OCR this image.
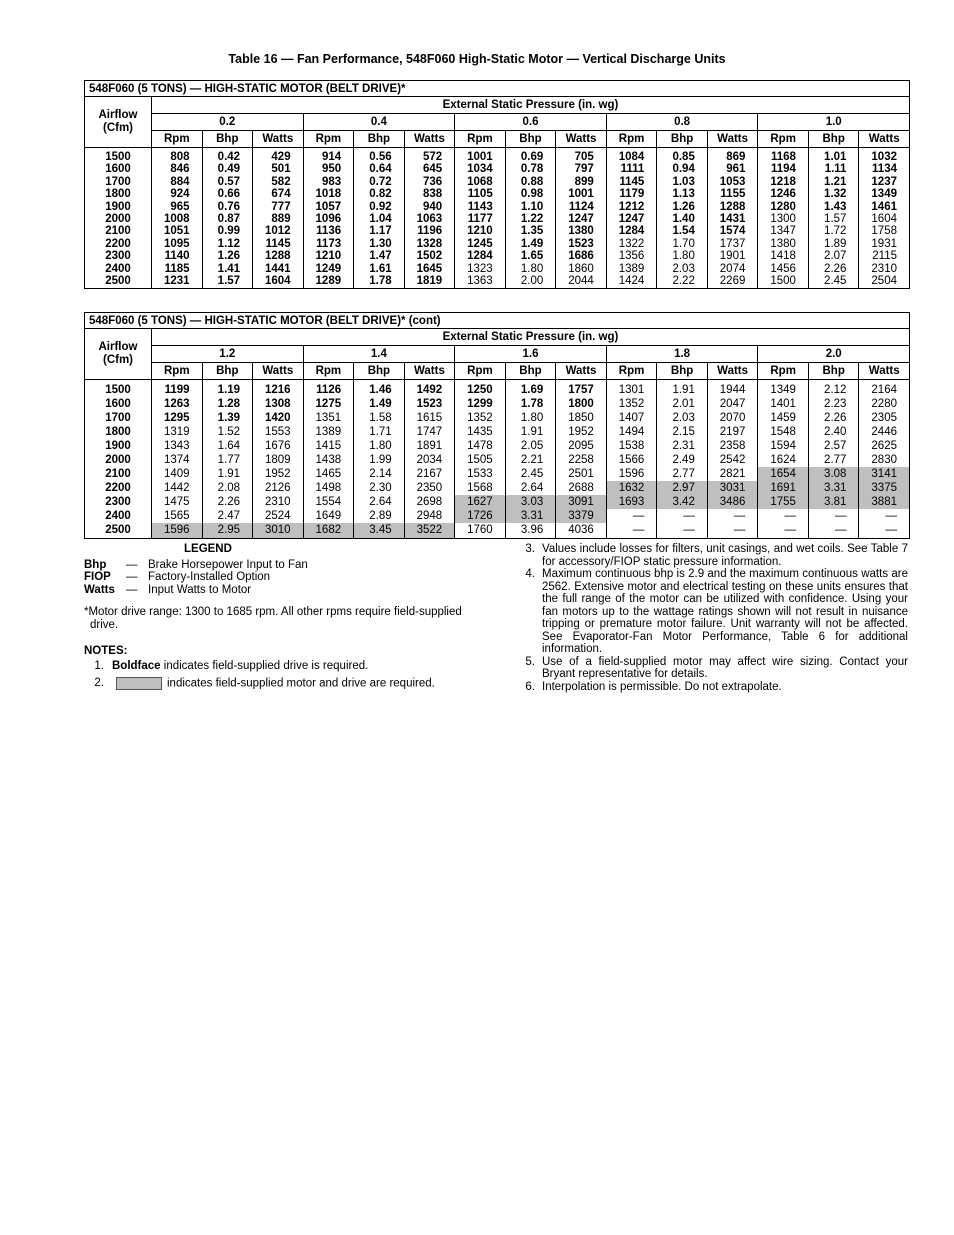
Table 16 — Fan Performance, 548F060 High-Static Motor — Vertical Discharge Units
548F060 (5 TONS) — HIGH-STATIC MOTOR (BELT DRIVE)*															
Airflow
(Cfm)	External Static Pressure (in. wg)														
	0.2			0.4			0.6			0.8			1.0		
	Rpm	Bhp	Watts	Rpm	Bhp	Watts	Rpm	Bhp	Watts	Rpm	Bhp	Watts	Rpm	Bhp	Watts
1500	808	0.42	429	914	0.56	572	1001	0.69	705	1084	0.85	869	1168	1.01	1032
1600	846	0.49	501	950	0.64	645	1034	0.78	797	1111	0.94	961	1194	1.11	1134
1700	884	0.57	582	983	0.72	736	1068	0.88	899	1145	1.03	1053	1218	1.21	1237
1800	924	0.66	674	1018	0.82	838	1105	0.98	1001	1179	1.13	1155	1246	1.32	1349
1900	965	0.76	777	1057	0.92	940	1143	1.10	1124	1212	1.26	1288	1280	1.43	1461
2000	1008	0.87	889	1096	1.04	1063	1177	1.22	1247	1247	1.40	1431	1300	1.57	1604
2100	1051	0.99	1012	1136	1.17	1196	1210	1.35	1380	1284	1.54	1574	1347	1.72	1758
2200	1095	1.12	1145	1173	1.30	1328	1245	1.49	1523	1322	1.70	1737	1380	1.89	1931
2300	1140	1.26	1288	1210	1.47	1502	1284	1.65	1686	1356	1.80	1901	1418	2.07	2115
2400	1185	1.41	1441	1249	1.61	1645	1323	1.80	1860	1389	2.03	2074	1456	2.26	2310
2500	1231	1.57	1604	1289	1.78	1819	1363	2.00	2044	1424	2.22	2269	1500	2.45	2504
548F060 (5 TONS) — HIGH-STATIC MOTOR (BELT DRIVE)* (cont)															
Airflow
(Cfm)	External Static Pressure (in. wg)														
	1.2			1.4			1.6			1.8			2.0		
	Rpm	Bhp	Watts	Rpm	Bhp	Watts	Rpm	Bhp	Watts	Rpm	Bhp	Watts	Rpm	Bhp	Watts
1500	1199	1.19	1216	1126	1.46	1492	1250	1.69	1757	1301	1.91	1944	1349	2.12	2164
1600	1263	1.28	1308	1275	1.49	1523	1299	1.78	1800	1352	2.01	2047	1401	2.23	2280
1700	1295	1.39	1420	1351	1.58	1615	1352	1.80	1850	1407	2.03	2070	1459	2.26	2305
1800	1319	1.52	1553	1389	1.71	1747	1435	1.91	1952	1494	2.15	2197	1548	2.40	2446
1900	1343	1.64	1676	1415	1.80	1891	1478	2.05	2095	1538	2.31	2358	1594	2.57	2625
2000	1374	1.77	1809	1438	1.99	2034	1505	2.21	2258	1566	2.49	2542	1624	2.77	2830
2100	1409	1.91	1952	1465	2.14	2167	1533	2.45	2501	1596	2.77	2821	1654	3.08	3141
2200	1442	2.08	2126	1498	2.30	2350	1568	2.64	2688	1632	2.97	3031	1691	3.31	3375
2300	1475	2.26	2310	1554	2.64	2698	1627	3.03	3091	1693	3.42	3486	1755	3.81	3881
2400	1565	2.47	2524	1649	2.89	2948	1726	3.31	3379	—	—	—	—	—	—
2500	1596	2.95	3010	1682	3.45	3522	1760	3.96	4036	—	—	—	—	—	—
LEGEND
Bhp	— Brake Horsepower Input to Fan
FIOP	— Factory-Installed Option
Watts — Input Watts to Motor
*Motor drive range: 1300 to 1685 rpm. All other rpms require field-supplied drive.
NOTES:
1. Boldface indicates field-supplied drive is required.
2.	indicates field-supplied motor and drive are required.
3. Values include losses for filters, unit casings, and wet coils. See Table 7 for accessory/FIOP static pressure information.
4. Maximum continuous bhp is 2.9 and the maximum continuous watts are 2562. Extensive motor and electrical testing on these units ensures that the full range of the motor can be utilized with confidence. Using your fan motors up to the wattage ratings shown will not result in nuisance tripping or premature motor failure. Unit warranty will not be affected. See Evaporator-Fan Motor Performance, Table 6 for additional information.
5. Use of a field-supplied motor may affect wire sizing. Contact your Bryant representative for details.
6. Interpolation is permissible. Do not extrapolate.
